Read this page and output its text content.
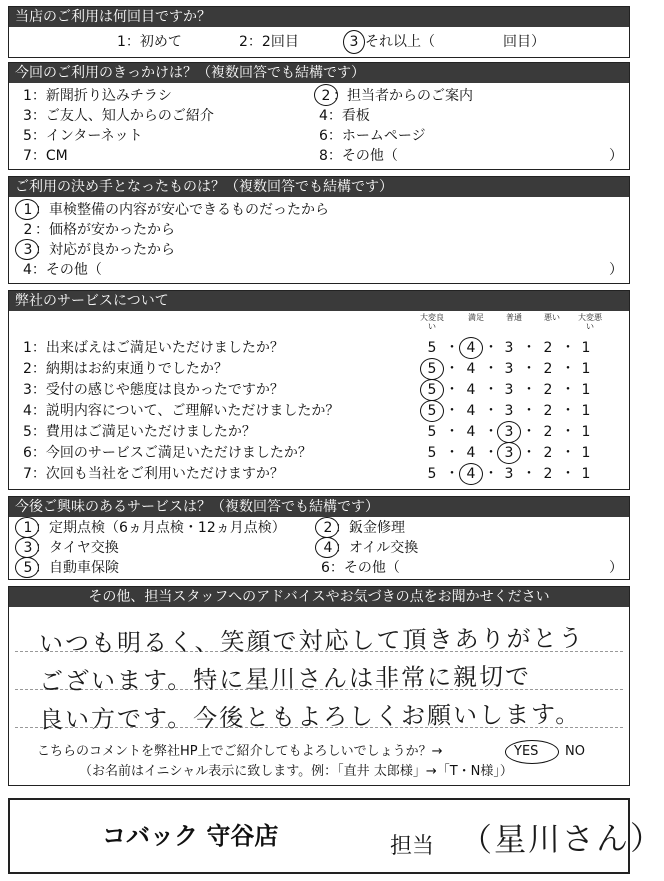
当店のご利用は何回目ですか？
1：初めて	2：2回目	3 それ以上（	回目）
今回のご利用のきっかけは？（複数回答でも結構です）
1：新聞折り込みチラシ
3：ご友人、知人からのご紹介
5：インターネット
7：CM
2 ：担当者からのご案内
4：看板
6：ホームページ
8：その他（	）
ご利用の決め手となったものは？（複数回答でも結構です）
1 ：車検整備の内容が安心できるものだったから
2 ：価格が安かったから
3 ：対応が良かったから
4：その他（	）
弊社のサービスについて
大変良い
満足	普通	悪い	大変悪い
1：出来ばえはご満足いただけましたか？	5 ・ 4 ・ 3 ・ 2 ・ 1
2：納期はお約束通りでしたか？	5 ・ 4 ・ 3 ・ 2 ・ 1
3：受付の感じや態度は良かったですか？	5 ・ 4 ・ 3 ・ 2 ・ 1
4：説明内容について、ご理解いただけましたか？	5 ・ 4 ・ 3 ・ 2 ・ 1
5：費用はご満足いただけましたか？	5 ・ 4 ・ 3 ・ 2 ・ 1
6：今回のサービスご満足いただけましたか？	5 ・ 4 ・ 3 ・ 2 ・ 1
7：次回も当社をご利用いただけますか？	5 ・ 4 ・ 3 ・ 2 ・ 1
今後ご興味のあるサービスは？（複数回答でも結構です）
1 ：定期点検（6ヵ月点検・12ヵ月点検）
3 ：タイヤ交換
5 ：自動車保険
2 ：鈑金修理
4 ：オイル交換
6：その他（	）
その他、担当スタッフへのアドバイスやお気づきの点をお聞かせください
いつも明るく、笑顔で対応して頂きありがとう
ございます。特に星川さんは非常に親切で
良い方です。今後ともよろしくお願いします。
こちらのコメントを弊社HP上でご紹介してもよろしいでしょうか？→	YES NO
（お名前はイニシャル表示に致します。例：「直井 太郎様」→「T・N様」）
コバック 守谷店	担当 （星川さん）
